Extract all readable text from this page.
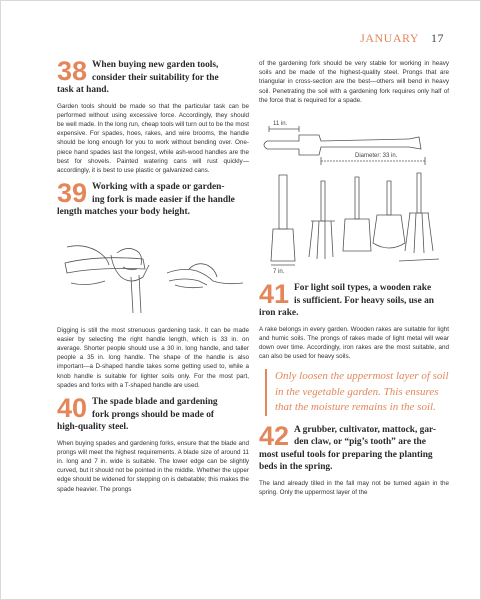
JANUARY 17
38 When buying new garden tools,
consider their suitability for the
task at hand.

Garden tools should be made so that the particular task can be performed without using excessive force. Accordingly, they should be well made. In the long run, cheap tools will turn out to be the most expensive. For spades, hoes, rakes, and wire brooms, the handle should be long enough for you to work without bending over. One-piece hand spades last the longest, while ash-wood handles are the best for shovels. Painted watering cans will rust quickly—accordingly, it is best to use plastic or galvanized cans.

39 Working with a spade or garden-
ing fork is made easier if the handle
length matches your body height.

Digging is still the most strenuous gardening task. It can be made easier by selecting the right handle length, which is 33 in. on average. Shorter people should use a 30 in. long handle, and taller people a 35 in. long handle. The shape of the handle is also important—a D-shaped handle takes some getting used to, while a knob handle is suitable for lighter soils only. For the most part, spades and forks with a T-shaped handle are used.

40 The spade blade and gardening
fork prongs should be made of
high-quality steel.

When buying spades and gardening forks, ensure that the blade and prongs will meet the highest requirements. A blade size of around 11 in. long and 7 in. wide is suitable. The lower edge can be slightly curved, but it should not be pointed in the middle. Whether the upper edge should be widened for stepping on is debatable; this makes the spade heavier. The prongs

of the gardening fork should be very stable for working in heavy soils and be made of the highest-quality steel. Prongs that are triangular in cross-section are the best—others will bend in heavy soil. Penetrating the soil with a gardening fork requires only half of the force that is required for a spade.

11 in.
Diameter: 33 in.
7 in.
41 For light soil types, a wooden rake
is sufficient. For heavy soils, use an
iron rake.

A rake belongs in every garden. Wooden rakes are suitable for light and humic soils. The prongs of rakes made of light metal will wear down over time. Accordingly, iron rakes are the most suitable, and can also be used for heavy soils.

Only loosen the uppermost layer of soil in the vegetable garden. This ensures that the moisture remains in the soil.
42 A grubber, cultivator, mattock, gar-
den claw, or “pig’s tooth” are the
most useful tools for preparing the planting beds in the spring.

The land already tilled in the fall may not be turned again in the spring. Only the uppermost layer of the
